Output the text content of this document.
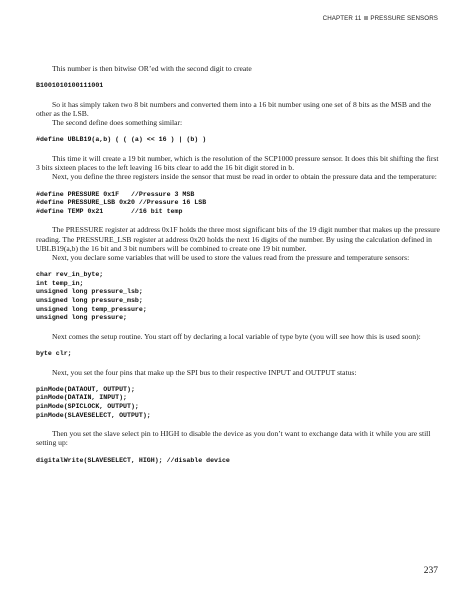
CHAPTER 11 PRESSURE SENSORS

This number is then bitwise OR’ed with the second digit to create

B1001010100111001

So it has simply taken two 8 bit numbers and converted them into a 16 bit number using one set of 8 bits as the MSB and the other as the LSB.

The second define does something similar:

#define UBLB19(a,b) ( ( (a) << 16 ) | (b) )

This time it will create a 19 bit number, which is the resolution of the SCP1000 pressure sensor. It does this bit shifting the first 3 bits sixteen places to the left leaving 16 bits clear to add the 16 bit digit stored in b.

Next, you define the three registers inside the sensor that must be read in order to obtain the pressure data and the temperature:

#define PRESSURE 0x1F   //Pressure 3 MSB
#define PRESSURE_LSB 0x20 //Pressure 16 LSB
#define TEMP 0x21       //16 bit temp

The PRESSURE register at address 0x1F holds the three most significant bits of the 19 digit number that makes up the pressure reading. The PRESSURE_LSB register at address 0x20 holds the next 16 digits of the number. By using the calculation defined in UBLB19(a,b) the 16 bit and 3 bit numbers will be combined to create one 19 bit number.

Next, you declare some variables that will be used to store the values read from the pressure and temperature sensors:

char rev_in_byte;
int temp_in;
unsigned long pressure_lsb;
unsigned long pressure_msb;
unsigned long temp_pressure;
unsigned long pressure;

Next comes the setup routine. You start off by declaring a local variable of type byte (you will see how this is used soon):

byte clr;

Next, you set the four pins that make up the SPI bus to their respective INPUT and OUTPUT status:

pinMode(DATAOUT, OUTPUT);
pinMode(DATAIN, INPUT);
pinMode(SPICLOCK, OUTPUT);
pinMode(SLAVESELECT, OUTPUT);

Then you set the slave select pin to HIGH to disable the device as you don’t want to exchange data with it while you are still setting up:

digitalWrite(SLAVESELECT, HIGH); //disable device
237
